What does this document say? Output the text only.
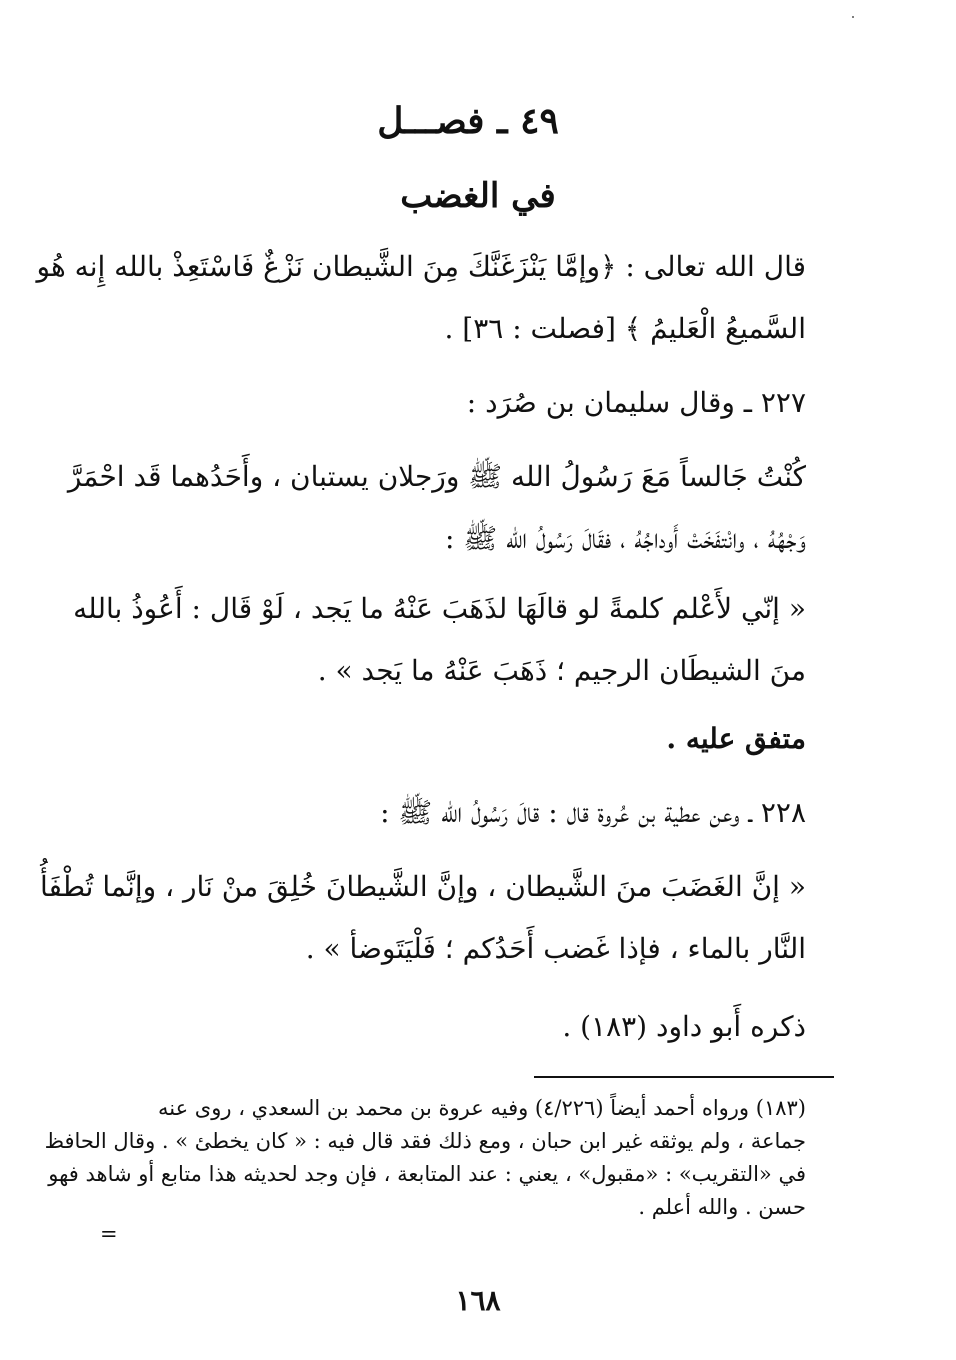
٤٩ ـ فصـــل
في الغضب
قال الله تعالى : ﴿وإمَّا يَنْزَغَنَّكَ مِنَ الشَّيطان نَزْغٌ فَاسْتَعِذْ بالله إِنه هُو
السَّميعُ الْعَليمُ ﴾ [فصلت : ٣٦] .
٢٢٧ ـ وقال سليمان بن صُرَد :
كُنْتُ جَالساً مَعَ رَسُولُ الله ﷺ ورَجلان يستبان ، وأَحَدُهما قَد احْمَرَّ
وَجْهُهُ ، وانْتفَخَتْ أَوداجُهُ ، فقَالَ رَسُولُ الله ﷺ :
« إنّي لأَعْلم كلمةً لو قالَهَا لذَهَبَ عَنْهُ ما يَجد ، لَوْ قَال : أَعُوذُ بالله
منَ الشيطَان الرجيم ؛ ذَهَبَ عَنْهُ ما يَجد » .
متفق عليه .
٢٢٨ ـ وعن عطية بن عُروة قال : قالَ رَسُولُ الله ﷺ :
« إنَّ الغَضَبَ منَ الشَّيطان ، وإنَّ الشَّيطانَ خُلِقَ منْ نَار ، وإنَّما تُطْفَأُ
النَّار بالماء ، فإذا غَضب أَحَدُكم ؛ فَلْيَتَوضأ » .
ذكره أَبو داود (١٨٣) .
(١٨٣) ورواه أحمد أيضاً (٤/٢٢٦) وفيه عروة بن محمد بن السعدي ، روى عنه
جماعة ، ولم يوثقه غير ابن حبان ، ومع ذلك فقد قال فيه : « كان يخطئ » . وقال الحافظ
في «التقريب» : «مقبول» ، يعني : عند المتابعة ، فإن وجد لحديثه هذا متابع أو شاهد فهو
حسن . والله أعلم .
=
١٦٨
